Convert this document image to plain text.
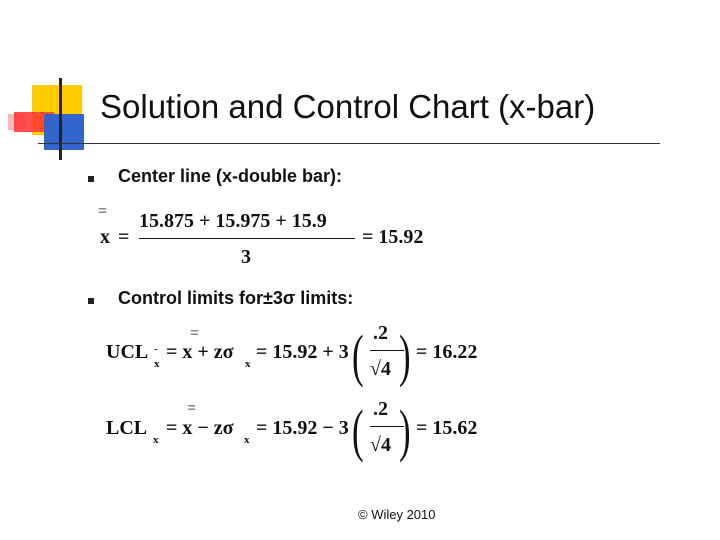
Solution and Control Chart (x-bar)
Center line (x-double bar):
=
x =
15.875 + 15.975 + 15.9
3
= 15.92
Control limits for±3σ limits:
UCL -
x
=
= x + zσ
x
= 15.92 + 3 ( .2
√4 ) = 16.22
LCL
x
=
= x − zσ
x
= 15.92 − 3 ( .2
√4 ) = 15.62
© Wiley 2010
